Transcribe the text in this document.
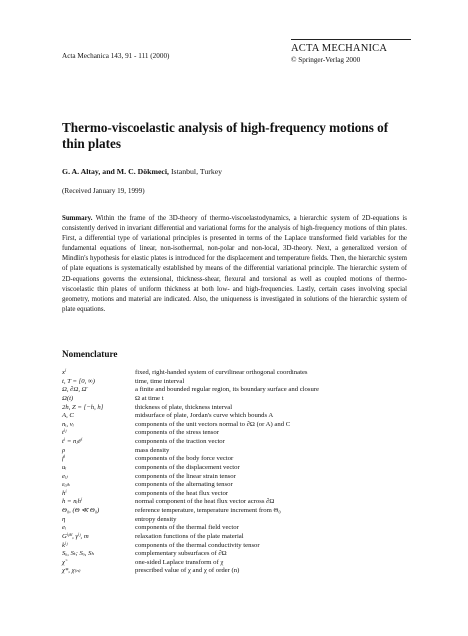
Acta Mechanica 143, 91 - 111 (2000)
ACTA MECHANICA
© Springer-Verlag 2000
Thermo-viscoelastic analysis of high-frequency motions of thin plates
G. A. Altay, and M. C. Dökmeci, Istanbul, Turkey
(Received January 19, 1999)
Summary. Within the frame of the 3D-theory of thermo-viscoelastodynamics, a hierarchic system of 2D-equations is consistently derived in invariant differential and variational forms for the analysis of high-frequency motions of thin plates. First, a differential type of variational principles is presented in terms of the Laplace transformed field variables for the fundamental equations of linear, non-isothermal, non-polar and non-local, 3D-theory. Next, a generalized version of Mindlin's hypothesis for elastic plates is introduced for the displacement and temperature fields. Then, the hierarchic system of plate equations is systematically established by means of the differential variational principle. The hierarchic system of 2D-equations governs the extensional, thickness-shear, flexural and torsional as well as coupled motions of thermo-viscoelastic thin plates of uniform thickness at both low- and high-frequencies. Lastly, certain cases involving special geometry, motions and material are indicated. Also, the uniqueness is investigated in solutions of the hierarchic system of plate equations.
Nomenclature
xⁱ	fixed, right-handed system of curvilinear orthogonal coordinates
t, T = [0, ∞)	time, time interval
Ω, ∂Ω, Ω̄	a finite and bounded regular region, its boundary surface and closure
Ω(t)	Ω at time t
2h, Z = [−h, h]	thickness of plate, thickness interval
A, C	midsurface of plate, Jordan's curve which bounds A
nᵢ, νᵢ	components of the unit vectors normal to ∂Ω (or A) and C
tⁱʲ	components of the stress tensor
tⁱ = nⱼtʲⁱ	components of the traction vector
ρ	mass density
fⁱ	components of the body force vector
uᵢ	components of the displacement vector
eᵢⱼ	components of the linear strain tensor
εᵢⱼₖ	components of the alternating tensor
hⁱ	components of the heat flux vector
h = nᵢhⁱ	normal component of the heat flux vector across ∂Ω
Θ₀, (Θ ≪ Θ₀)	reference temperature, temperature increment from Θ₀
η	entropy density
eᵢ	components of the thermal field vector
Gⁱʲᵏˡ, γⁱʲ, m	relaxation functions of the plate material
kⁱʲ	components of the thermal conductivity tensor
Sᵤ, Sₜ; Sₒ, Sₕ	complementary subsurfaces of ∂Ω
χ̃	one-sided Laplace transform of χ
χ*, χ₍ₙ₎	prescribed value of χ and χ of order (n)
